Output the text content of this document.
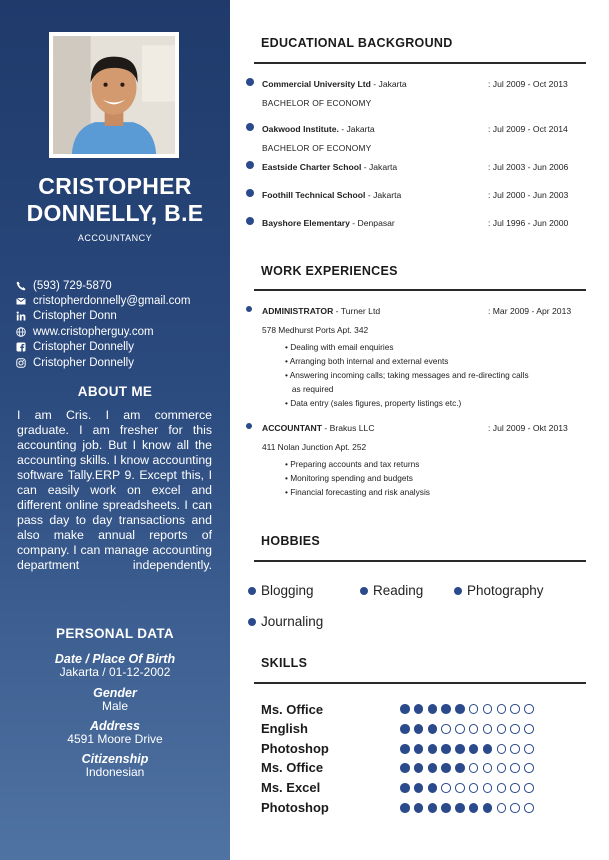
CRISTOPHER
DONNELLY, B.E
ACCOUNTANCY
(593) 729-5870
cristopherdonnelly@gmail.com
Cristopher Donn
www.cristopherguy.com
Cristopher Donnelly
Cristopher Donnelly
ABOUT ME
I am Cris. I am commerce graduate. I am fresher for this accounting job. But I know all the accounting skills. I know accounting software Tally.ERP 9. Except this, I can easily work on excel and different online spreadsheets. I can pass day to day transactions and also make annual reports of company. I can manage accounting department independently.
PERSONAL DATA
Date / Place Of Birth
Jakarta / 01-12-2002
Gender
Male
Address
4591 Moore Drive
Citizenship
Indonesian
EDUCATIONAL BACKGROUND
Commercial University Ltd - Jakarta	: Jul 2009 - Oct 2013
BACHELOR OF ECONOMY
Oakwood Institute. - Jakarta	: Jul 2009 - Oct 2014
BACHELOR OF ECONOMY
Eastside Charter School - Jakarta	: Jul 2003 - Jun 2006
Foothill Technical School - Jakarta	: Jul 2000 - Jun 2003
Bayshore Elementary - Denpasar	: Jul 1996 - Jun 2000
WORK EXPERIENCES
ADMINISTRATOR - Turner Ltd	: Mar 2009 - Apr 2013
578 Medhurst Ports Apt. 342
• Dealing with email enquiries
• Arranging both internal and external events
• Answering incoming calls; taking messages and re-directing calls
as required
• Data entry (sales figures, property listings etc.)
ACCOUNTANT - Brakus LLC	: Jul 2009 - Okt 2013
411 Nolan Junction Apt. 252
• Preparing accounts and tax returns
• Monitoring spending and budgets
• Financial forecasting and risk analysis
HOBBIES
Blogging	Reading	Photography
Journaling
SKILLS
Ms. Office
English
Photoshop
Ms. Office
Ms. Excel
Photoshop
